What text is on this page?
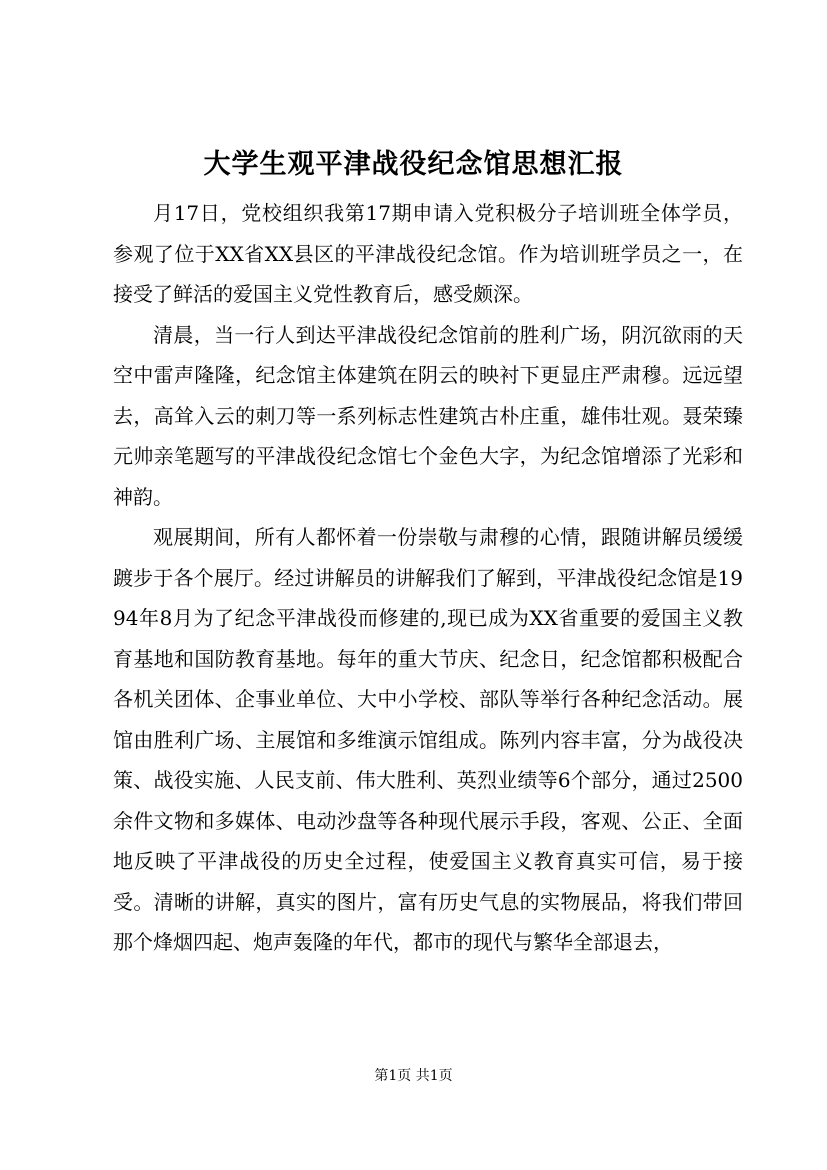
大学生观平津战役纪念馆思想汇报

月17日，党校组织我第17期申请入党积极分子培训班全体学员，参观了位于XX省XX县区的平津战役纪念馆。作为培训班学员之一，在接受了鲜活的爱国主义党性教育后，感受颇深。

清晨，当一行人到达平津战役纪念馆前的胜利广场，阴沉欲雨的天空中雷声隆隆，纪念馆主体建筑在阴云的映衬下更显庄严肃穆。远远望去，高耸入云的刺刀等一系列标志性建筑古朴庄重，雄伟壮观。聂荣臻元帅亲笔题写的平津战役纪念馆七个金色大字，为纪念馆增添了光彩和神韵。

观展期间，所有人都怀着一份崇敬与肃穆的心情，跟随讲解员缓缓踱步于各个展厅。经过讲解员的讲解我们了解到，平津战役纪念馆是1994年8月为了纪念平津战役而修建的,现已成为XX省重要的爱国主义教育基地和国防教育基地。每年的重大节庆、纪念日，纪念馆都积极配合各机关团体、企事业单位、大中小学校、部队等举行各种纪念活动。展馆由胜利广场、主展馆和多维演示馆组成。陈列内容丰富，分为战役决策、战役实施、人民支前、伟大胜利、英烈业绩等6个部分，通过2500余件文物和多媒体、电动沙盘等各种现代展示手段，客观、公正、全面地反映了平津战役的历史全过程，使爱国主义教育真实可信，易于接受。清晰的讲解，真实的图片，富有历史气息的实物展品，将我们带回那个烽烟四起、炮声轰隆的年代，都市的现代与繁华全部退去，

第1页 共1页
